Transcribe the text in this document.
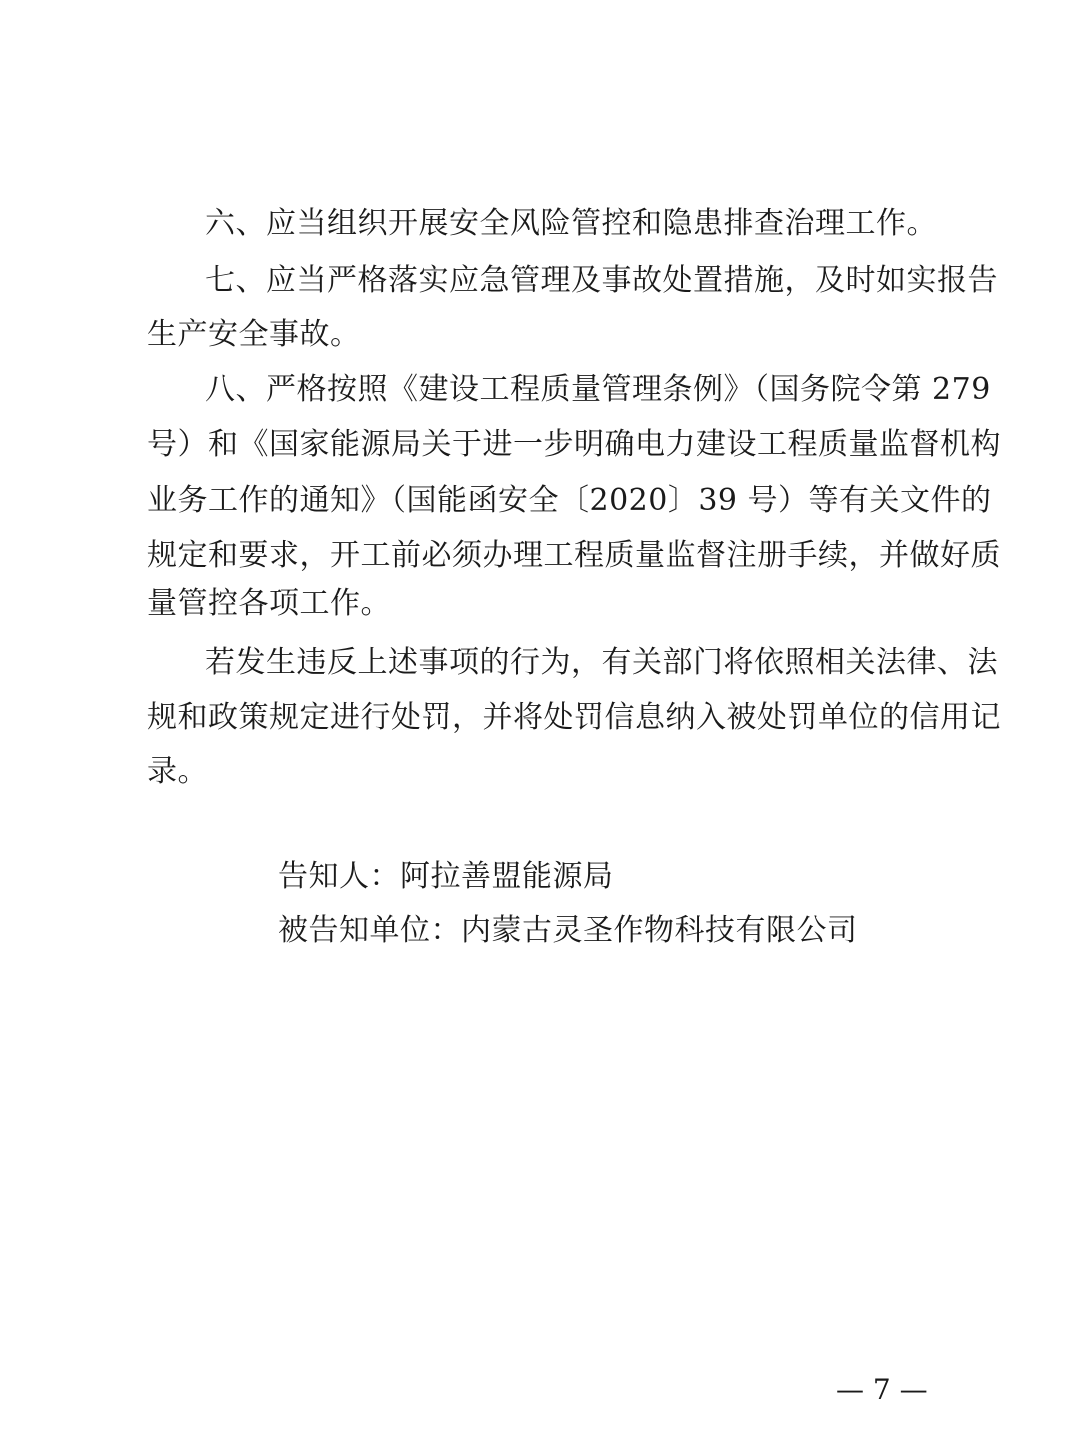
六、应当组织开展安全风险管控和隐患排查治理工作。
七、应当严格落实应急管理及事故处置措施，及时如实报告
生产安全事故。
八、严格按照《建设工程质量管理条例》（国务院令第 279
号）和《国家能源局关于进一步明确电力建设工程质量监督机构
业务工作的通知》（国能函安全〔2020〕39 号）等有关文件的
规定和要求，开工前必须办理工程质量监督注册手续，并做好质
量管控各项工作。
若发生违反上述事项的行为，有关部门将依照相关法律、法
规和政策规定进行处罚，并将处罚信息纳入被处罚单位的信用记
录。
告知人：阿拉善盟能源局
被告知单位：内蒙古灵圣作物科技有限公司
— 7 —
